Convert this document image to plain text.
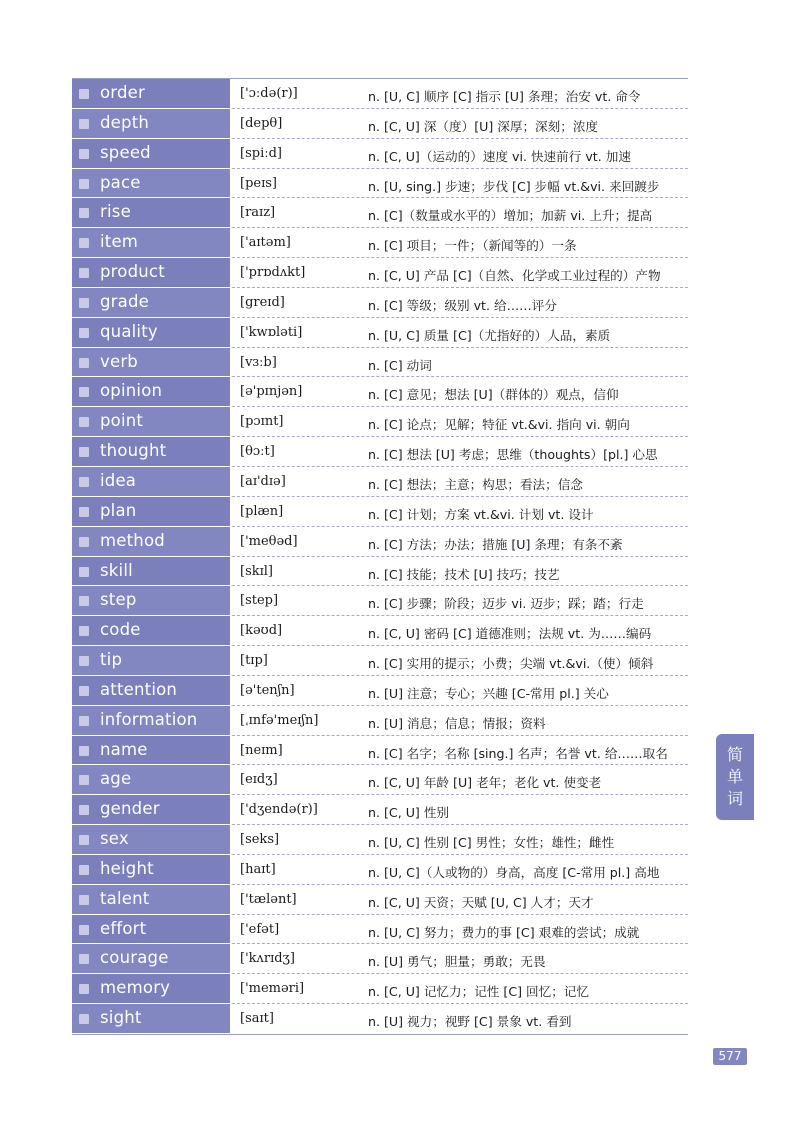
order	['ɔːdə(r)]	n. [U, C] 顺序 [C] 指示 [U] 条理；治安 vt. 命令
depth	[depθ]	n. [C, U] 深（度）[U] 深厚；深刻；浓度
speed	[spiːd]	n. [C, U]（运动的）速度 vi. 快速前行 vt. 加速
pace	[peɪs]	n. [U, sing.] 步速；步伐 [C] 步幅 vt.&vi. 来回踱步
rise	[raɪz]	n. [C]（数量或水平的）增加；加薪 vi. 上升；提高
item	['aɪtəm]	n. [C] 项目；一件；（新闻等的）一条
product	['prɒdʌkt]	n. [C, U] 产品 [C]（自然、化学或工业过程的）产物
grade	[greɪd]	n. [C] 等级；级别 vt. 给……评分
quality	['kwɒləti]	n. [U, C] 质量 [C]（尤指好的）人品，素质
verb	[vɜːb]	n. [C] 动词
opinion	[ə'pɪnjən]	n. [C] 意见；想法 [U]（群体的）观点，信仰
point	[pɔɪnt]	n. [C] 论点；见解；特征 vt.&vi. 指向 vi. 朝向
thought	[θɔːt]	n. [C] 想法 [U] 考虑；思维（thoughts）[pl.] 心思
idea	[aɪ'dɪə]	n. [C] 想法；主意；构思；看法；信念
plan	[plæn]	n. [C] 计划；方案 vt.&vi. 计划 vt. 设计
method	['meθəd]	n. [C] 方法；办法；措施 [U] 条理；有条不紊
skill	[skɪl]	n. [C] 技能；技术 [U] 技巧；技艺
step	[step]	n. [C] 步骤；阶段；迈步 vi. 迈步；踩；踏；行走
code	[kəʊd]	n. [C, U] 密码 [C] 道德准则；法规 vt. 为……编码
tip	[tɪp]	n. [C] 实用的提示；小费；尖端 vt.&vi.（使）倾斜
attention	[ə'tenʃn]	n. [U] 注意；专心；兴趣 [C-常用 pl.] 关心
information	[ˌɪnfə'meɪʃn]	n. [U] 消息；信息；情报；资料
name	[neɪm]	n. [C] 名字；名称 [sing.] 名声；名誉 vt. 给……取名
age	[eɪdʒ]	n. [C, U] 年龄 [U] 老年；老化 vt. 使变老
gender	['dʒendə(r)]	n. [C, U] 性别
sex	[seks]	n. [U, C] 性别 [C] 男性；女性；雄性；雌性
height	[haɪt]	n. [U, C]（人或物的）身高，高度 [C-常用 pl.] 高地
talent	['tælənt]	n. [C, U] 天资；天赋 [U, C] 人才；天才
effort	['efət]	n. [U, C] 努力；费力的事 [C] 艰难的尝试；成就
courage	['kʌrɪdʒ]	n. [U] 勇气；胆量；勇敢；无畏
memory	['meməri]	n. [C, U] 记忆力；记性 [C] 回忆；记忆
sight	[saɪt]	n. [U] 视力；视野 [C] 景象 vt. 看到
简
单
词
577
